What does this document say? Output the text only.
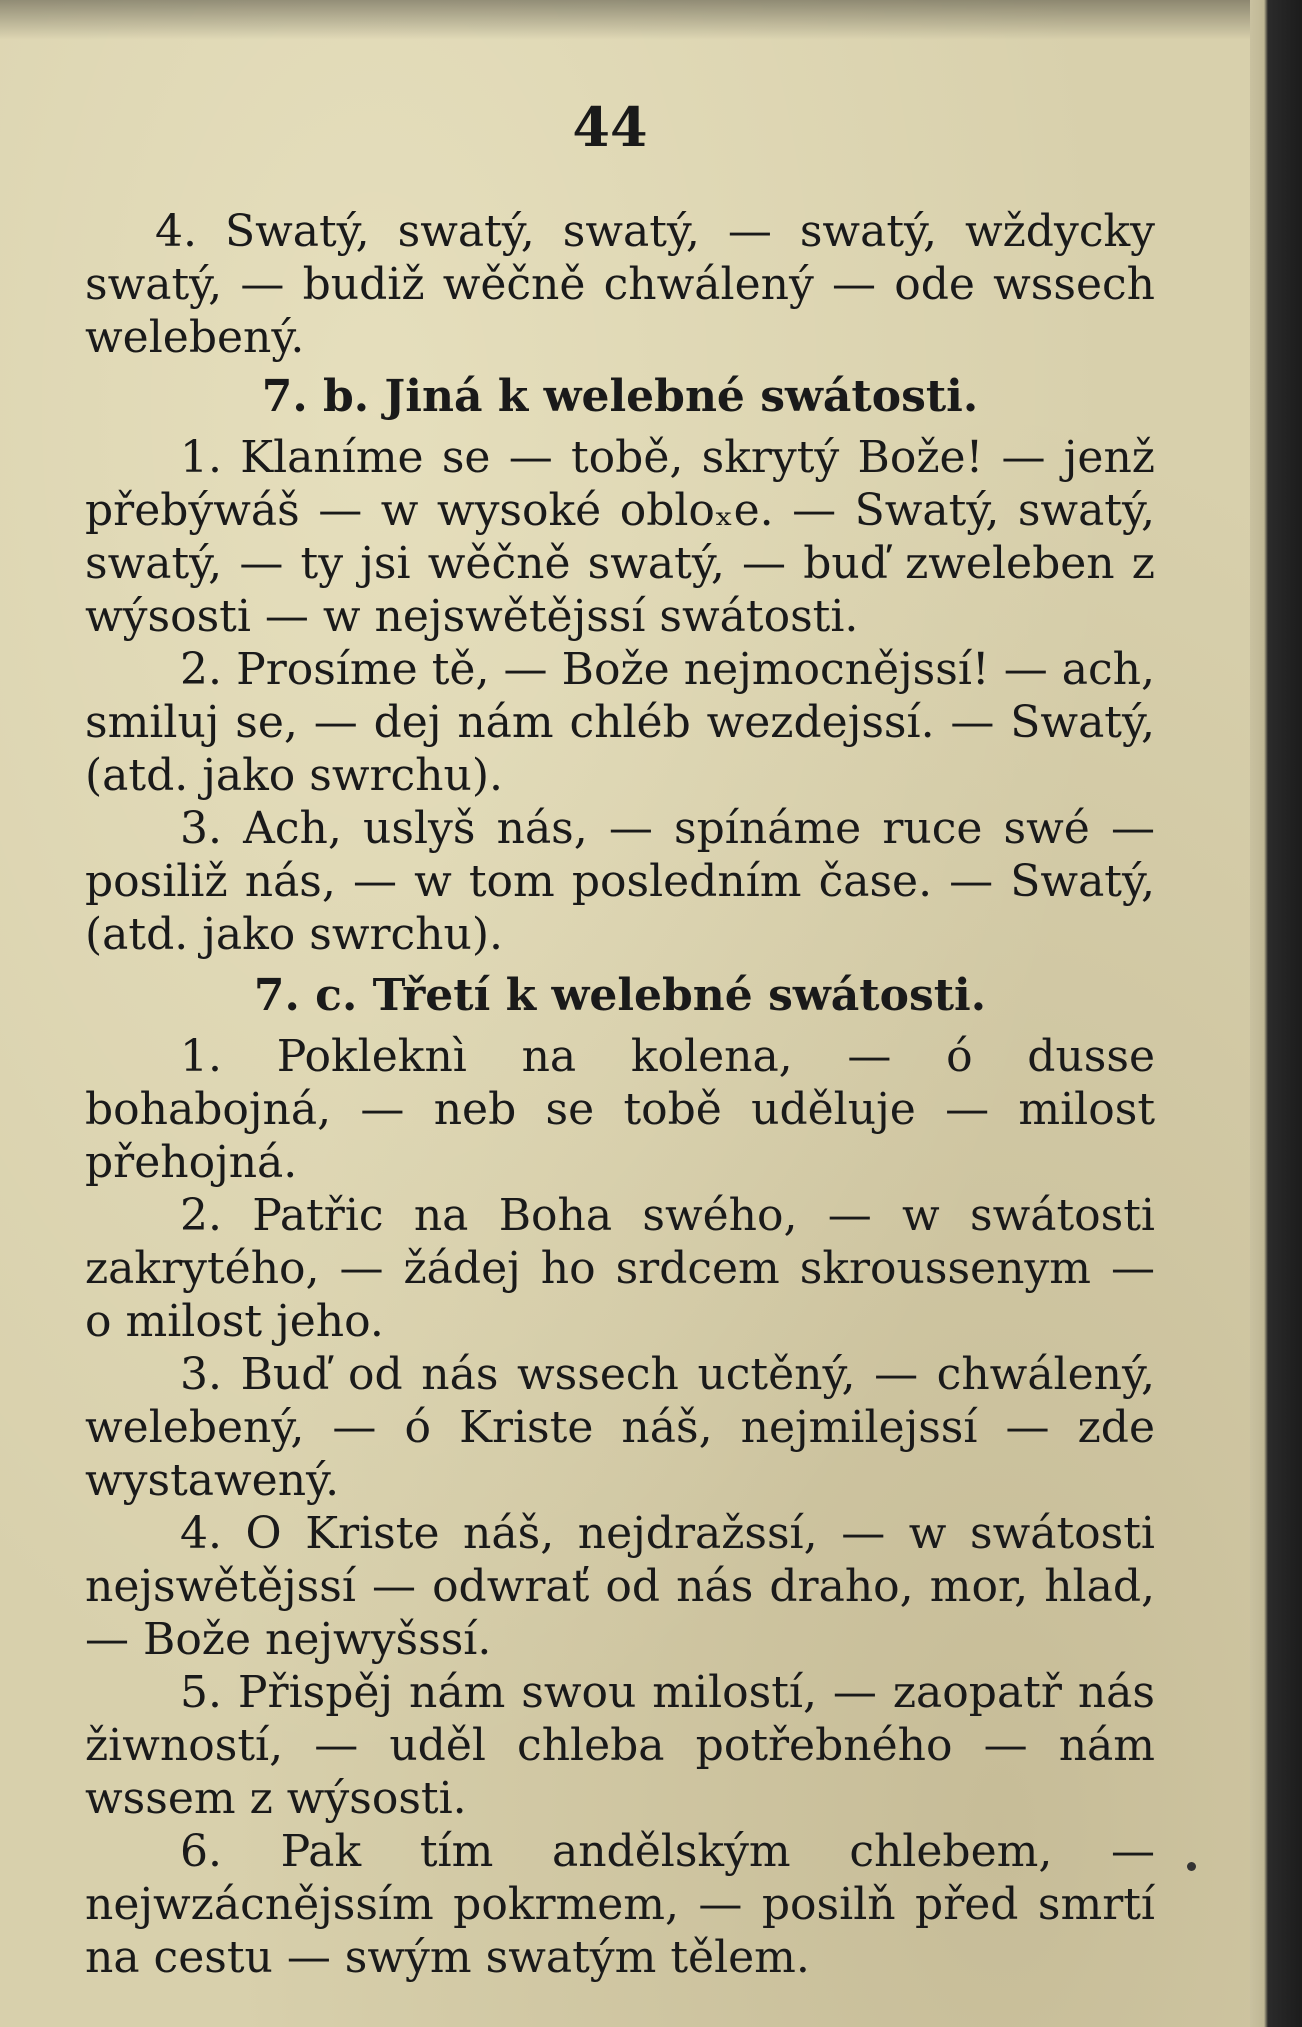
44

4. Swatý, swatý, swatý, — swatý, wždycky swatý, — budiž wěčně chwálený — ode wssech welebený.

7. b. Jiná k welebné swátosti.

1. Klaníme se — tobě, skrytý Bože! — jenž přebýwáš — w wysoké obloₓe. — Swatý, swatý, swatý, — ty jsi wěčně swatý, — buď zweleben z wýsosti — w nejswětějssí swátosti.

2. Prosíme tě, — Bože nejmocnějssí! — ach, smiluj se, — dej nám chléb wezdejssí. — Swatý, (atd. jako swrchu).

3. Ach, uslyš nás, — spínáme ruce swé — posiliž nás, — w tom posledním čase. — Swatý, (atd. jako swrchu).

7. c. Třetí k welebné swátosti.

1. Pokleknì na kolena, — ó dusse bohabojná, — neb se tobě uděluje — milost přehojná.

2. Patřic na Boha swého, — w swátosti zakrytého, — žádej ho srdcem skroussenym — o milost jeho.

3. Buď od nás wssech uctěný, — chwálený, welebený, — ó Kriste náš, nejmilejssí — zde wystawený.

4. O Kriste náš, nejdražssí, — w swátosti nejswětějssí — odwrať od nás draho, mor, hlad, — Bože nejwyšssí.

5. Přispěj nám swou milostí, — zaopatř nás žiwností, — uděl chleba potřebného — nám wssem z wýsosti.

6. Pak tím andělským chlebem, — nejwzácnějssím pokrmem, — posilň před smrtí na cestu — swým swatým tělem.
